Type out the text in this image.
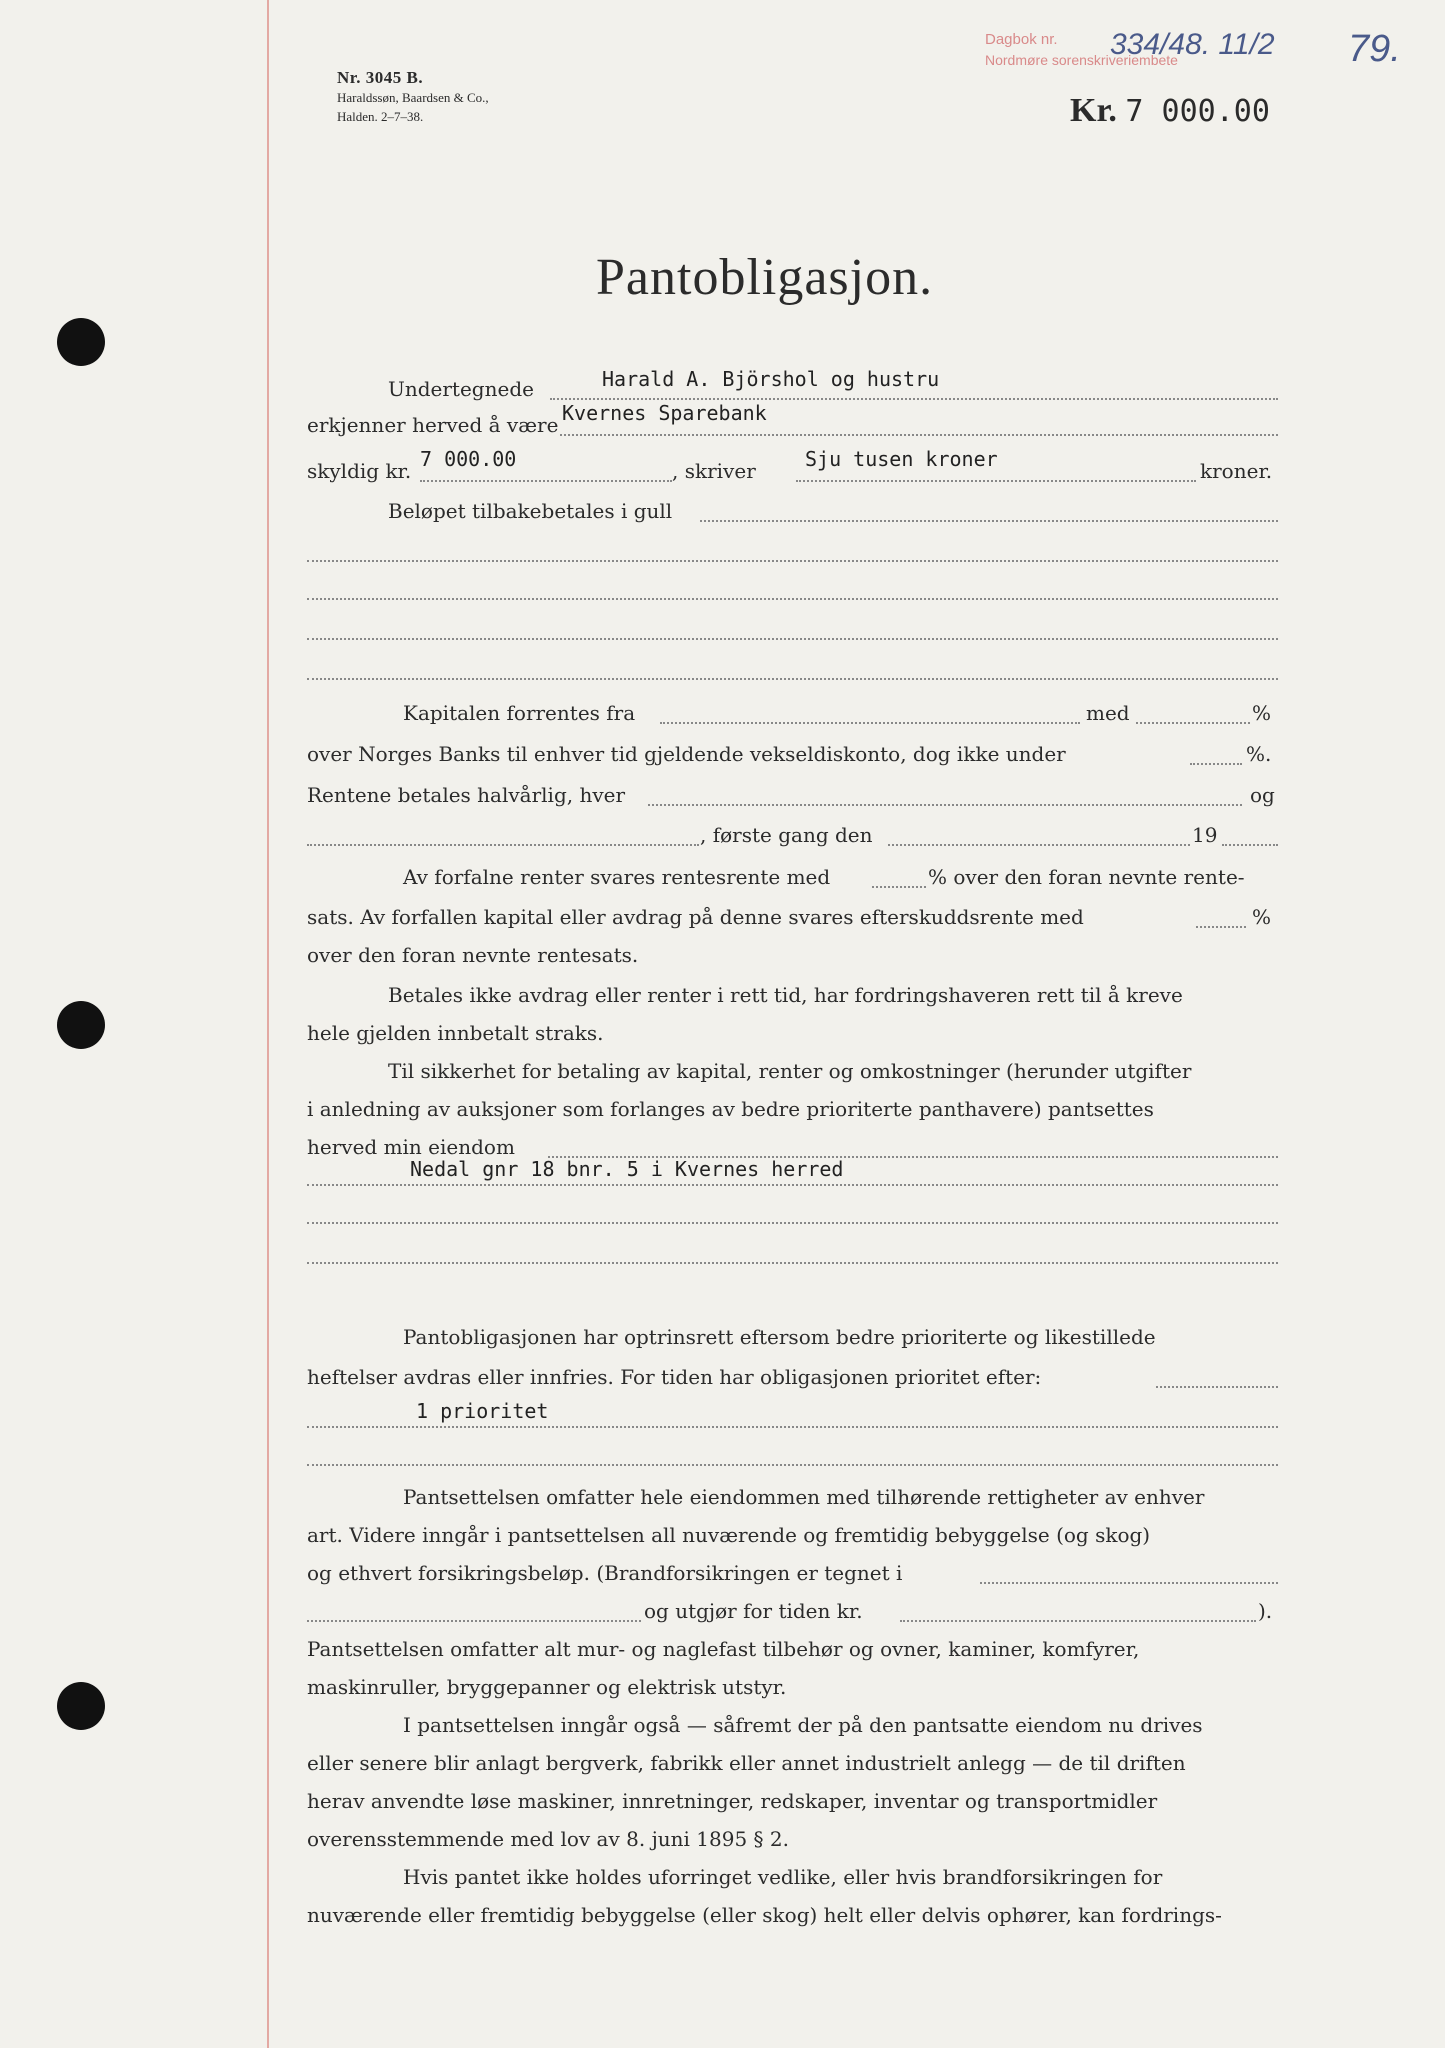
Nr. 3045 B.
Haraldssøn, Baardsen & Co.,
Halden. 2–7–38.
Dagbok nr.
Nordmøre sorenskriveriembete
334/48. 11/2 79.
Kr. 7 000.00
Pantobligasjon.
Undertegnede	Harald A. Björshol og hustru
erkjenner herved å være Kvernes Sparebank
skyldig kr. 7 000.00	, skriver Sju tusen kroner	kroner.
Beløpet tilbakebetales i gull
Kapitalen forrentes fra	med	%
over Norges Banks til enhver tid gjeldende vekseldiskonto, dog ikke under	%.
Rentene betales halvårlig, hver	og
, første gang den	19
Av forfalne renter svares rentesrente med	% over den foran nevnte rente-
sats. Av forfallen kapital eller avdrag på denne svares efterskuddsrente med	%
over den foran nevnte rentesats.
Betales ikke avdrag eller renter i rett tid, har fordringshaveren rett til å kreve
hele gjelden innbetalt straks.
Til sikkerhet for betaling av kapital, renter og omkostninger (herunder utgifter
i anledning av auksjoner som forlanges av bedre prioriterte panthavere) pantsettes
herved min eiendom
Nedal gnr 18 bnr. 5 i Kvernes herred
Pantobligasjonen har optrinsrett eftersom bedre prioriterte og likestillede
heftelser avdras eller innfries. For tiden har obligasjonen prioritet efter:
1 prioritet
Pantsettelsen omfatter hele eiendommen med tilhørende rettigheter av enhver
art. Videre inngår i pantsettelsen all nuværende og fremtidig bebyggelse (og skog)
og ethvert forsikringsbeløp. (Brandforsikringen er tegnet i
og utgjør for tiden kr.	).
Pantsettelsen omfatter alt mur- og naglefast tilbehør og ovner, kaminer, komfyrer,
maskinruller, bryggepanner og elektrisk utstyr.
I pantsettelsen inngår også — såfremt der på den pantsatte eiendom nu drives
eller senere blir anlagt bergverk, fabrikk eller annet industrielt anlegg — de til driften
herav anvendte løse maskiner, innretninger, redskaper, inventar og transportmidler
overensstemmende med lov av 8. juni 1895 § 2.
Hvis pantet ikke holdes uforringet vedlike, eller hvis brandforsikringen for
nuværende eller fremtidig bebyggelse (eller skog) helt eller delvis ophører, kan fordrings-
